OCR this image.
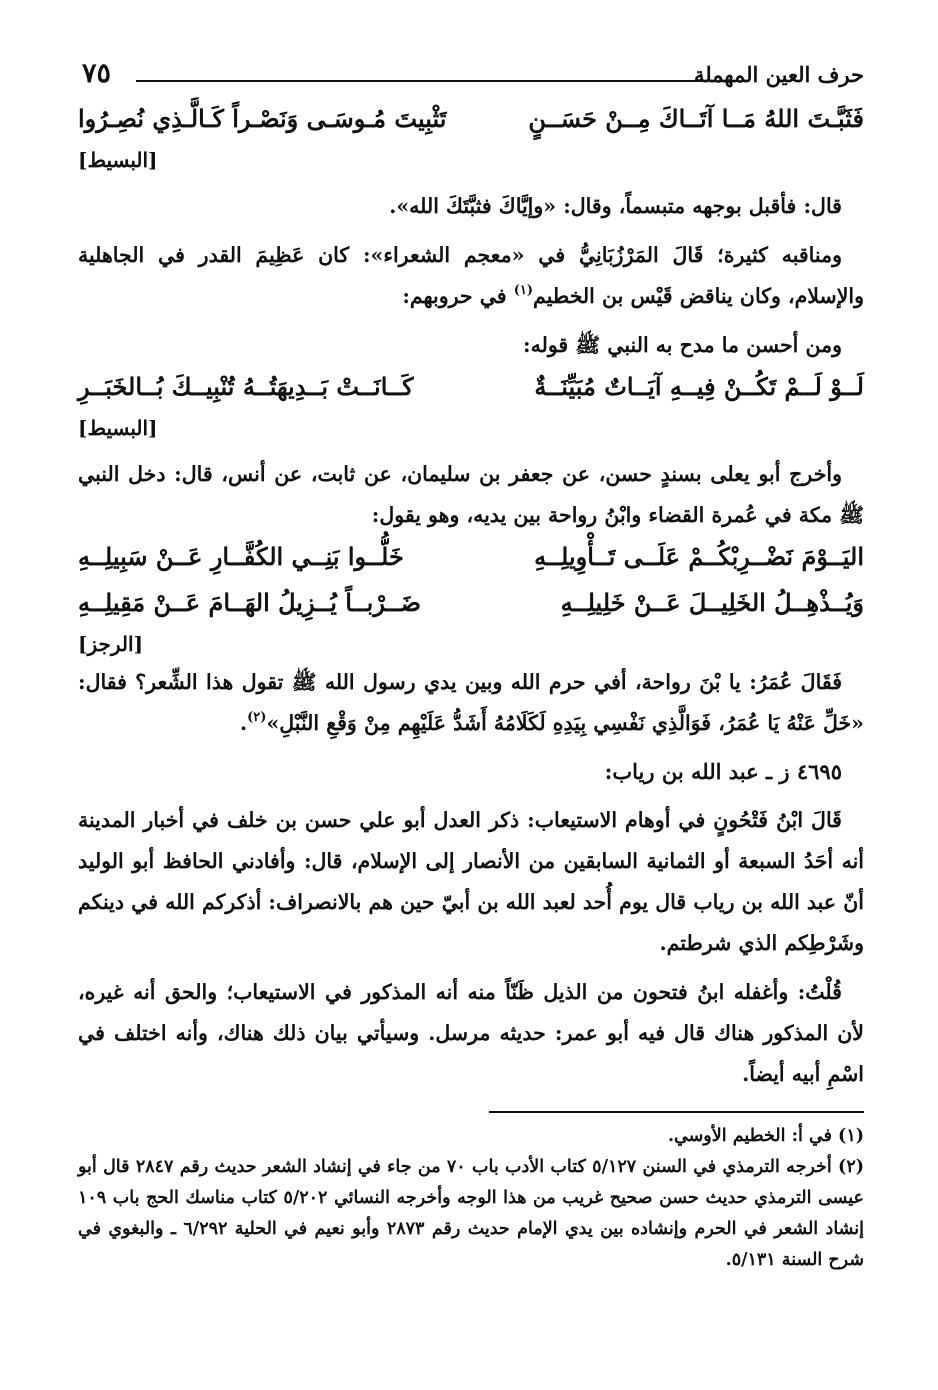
حرف العين المهملة
٧٥
فَثَبَّـتَ اللهُ مَــا آتَــاكَ مِــنْ حَسَــنٍ
تَثْبِيتَ مُـوسَـى وَنَصْـراً كَـالَّـذِي نُصِـرُوا
[البسيط]

قال: فأقبل بوجهه متبسماً، وقال: «وإيَّاكَ فثبَّتَكَ الله».

ومناقبه كثيرة؛ قَالَ المَرْزُبَانِيُّ في «معجم الشعراء»: كان عَظِيمَ القدر في الجاهلية والإسلام، وكان يناقض قَيْس بن الخطيم$^{(١)}$ في حروبهم:

ومن أحسن ما مدح به النبي ﷺ قوله:

لَــوْ لَــمْ تَكُــنْ فِيــهِ آيَــاتٌ مُبَيِّنَــةٌ
كَــانَــتْ بَــدِيهَتُــهُ تُنْبِيــكَ بُــالخَبَــرِ
[البسيط]

وأخرج أبو يعلى بسندٍ حسن، عن جعفر بن سليمان، عن ثابت، عن أنس، قال: دخل النبي ﷺ مكة في عُمرة القضاء وابْنُ رواحة بين يديه، وهو يقول:

اليَــوْمَ نَضْــرِبْكُــمْ عَلَــى تَــأْوِيلِــهِ
خَلُّــوا بَنِــي الكُفَّــارِ عَــنْ سَبِيلِــهِ
وَيُــذْهِــلُ الخَلِيــلَ عَــنْ خَلِيلِــهِ
ضَــرْبــاً يُــزِيلُ الهَــامَ عَــنْ مَقِيلِــهِ
[الرجز]

فَقَالَ عُمَرُ: يا بْنَ رواحة، أفي حرم الله وبين يدي رسول الله ﷺ تقول هذا الشِّعر؟ فقال: «خَلِّ عَنْهُ يَا عُمَرُ، فَوَالَّذِي نَفْسِي بِيَدِهِ لَكَلَامُهُ أَشَدُّ عَلَيْهِم مِنْ وَقْعِ النَّبْلِ»$^{(٢)}$.

٤٦٩٥ ز ـ عبد الله بن رياب:

قَالَ ابْنُ فَتْحُونٍ في أوهام الاستيعاب: ذكر العدل أبو علي حسن بن خلف في أخبار المدينة أنه أحَدُ السبعة أو الثمانية السابقين من الأنصار إلى الإسلام، قال: وأفادني الحافظ أبو الوليد أنّ عبد الله بن رياب قال يوم أُحد لعبد الله بن أبيّ حين هم بالانصراف: أذكركم الله في دينكم وشَرْطِكم الذي شرطتم.

قُلْتُ: وأغفله ابنُ فتحون من الذيل ظَنّاً منه أنه المذكور في الاستيعاب؛ والحق أنه غيره، لأن المذكور هناك قال فيه أبو عمر: حديثه مرسل. وسيأتي بيان ذلك هناك، وأنه اختلف في اسْمِ أبيه أيضاً.

(١) في أ: الخطيم الأوسي.
(٢) أخرجه الترمذي في السنن ٥/١٢٧ كتاب الأدب باب ٧٠ من جاء في إنشاد الشعر حديث رقم ٢٨٤٧ قال أبو عيسى الترمذي حديث حسن صحيح غريب من هذا الوجه وأخرجه النسائي ٥/٢٠٢ كتاب مناسك الحج باب ١٠٩ إنشاد الشعر في الحرم وإنشاده بين يدي الإمام حديث رقم ٢٨٧٣ وأبو نعيم في الحلية ٦/٢٩٢ ـ والبغوي في شرح السنة ٥/١٣١.
